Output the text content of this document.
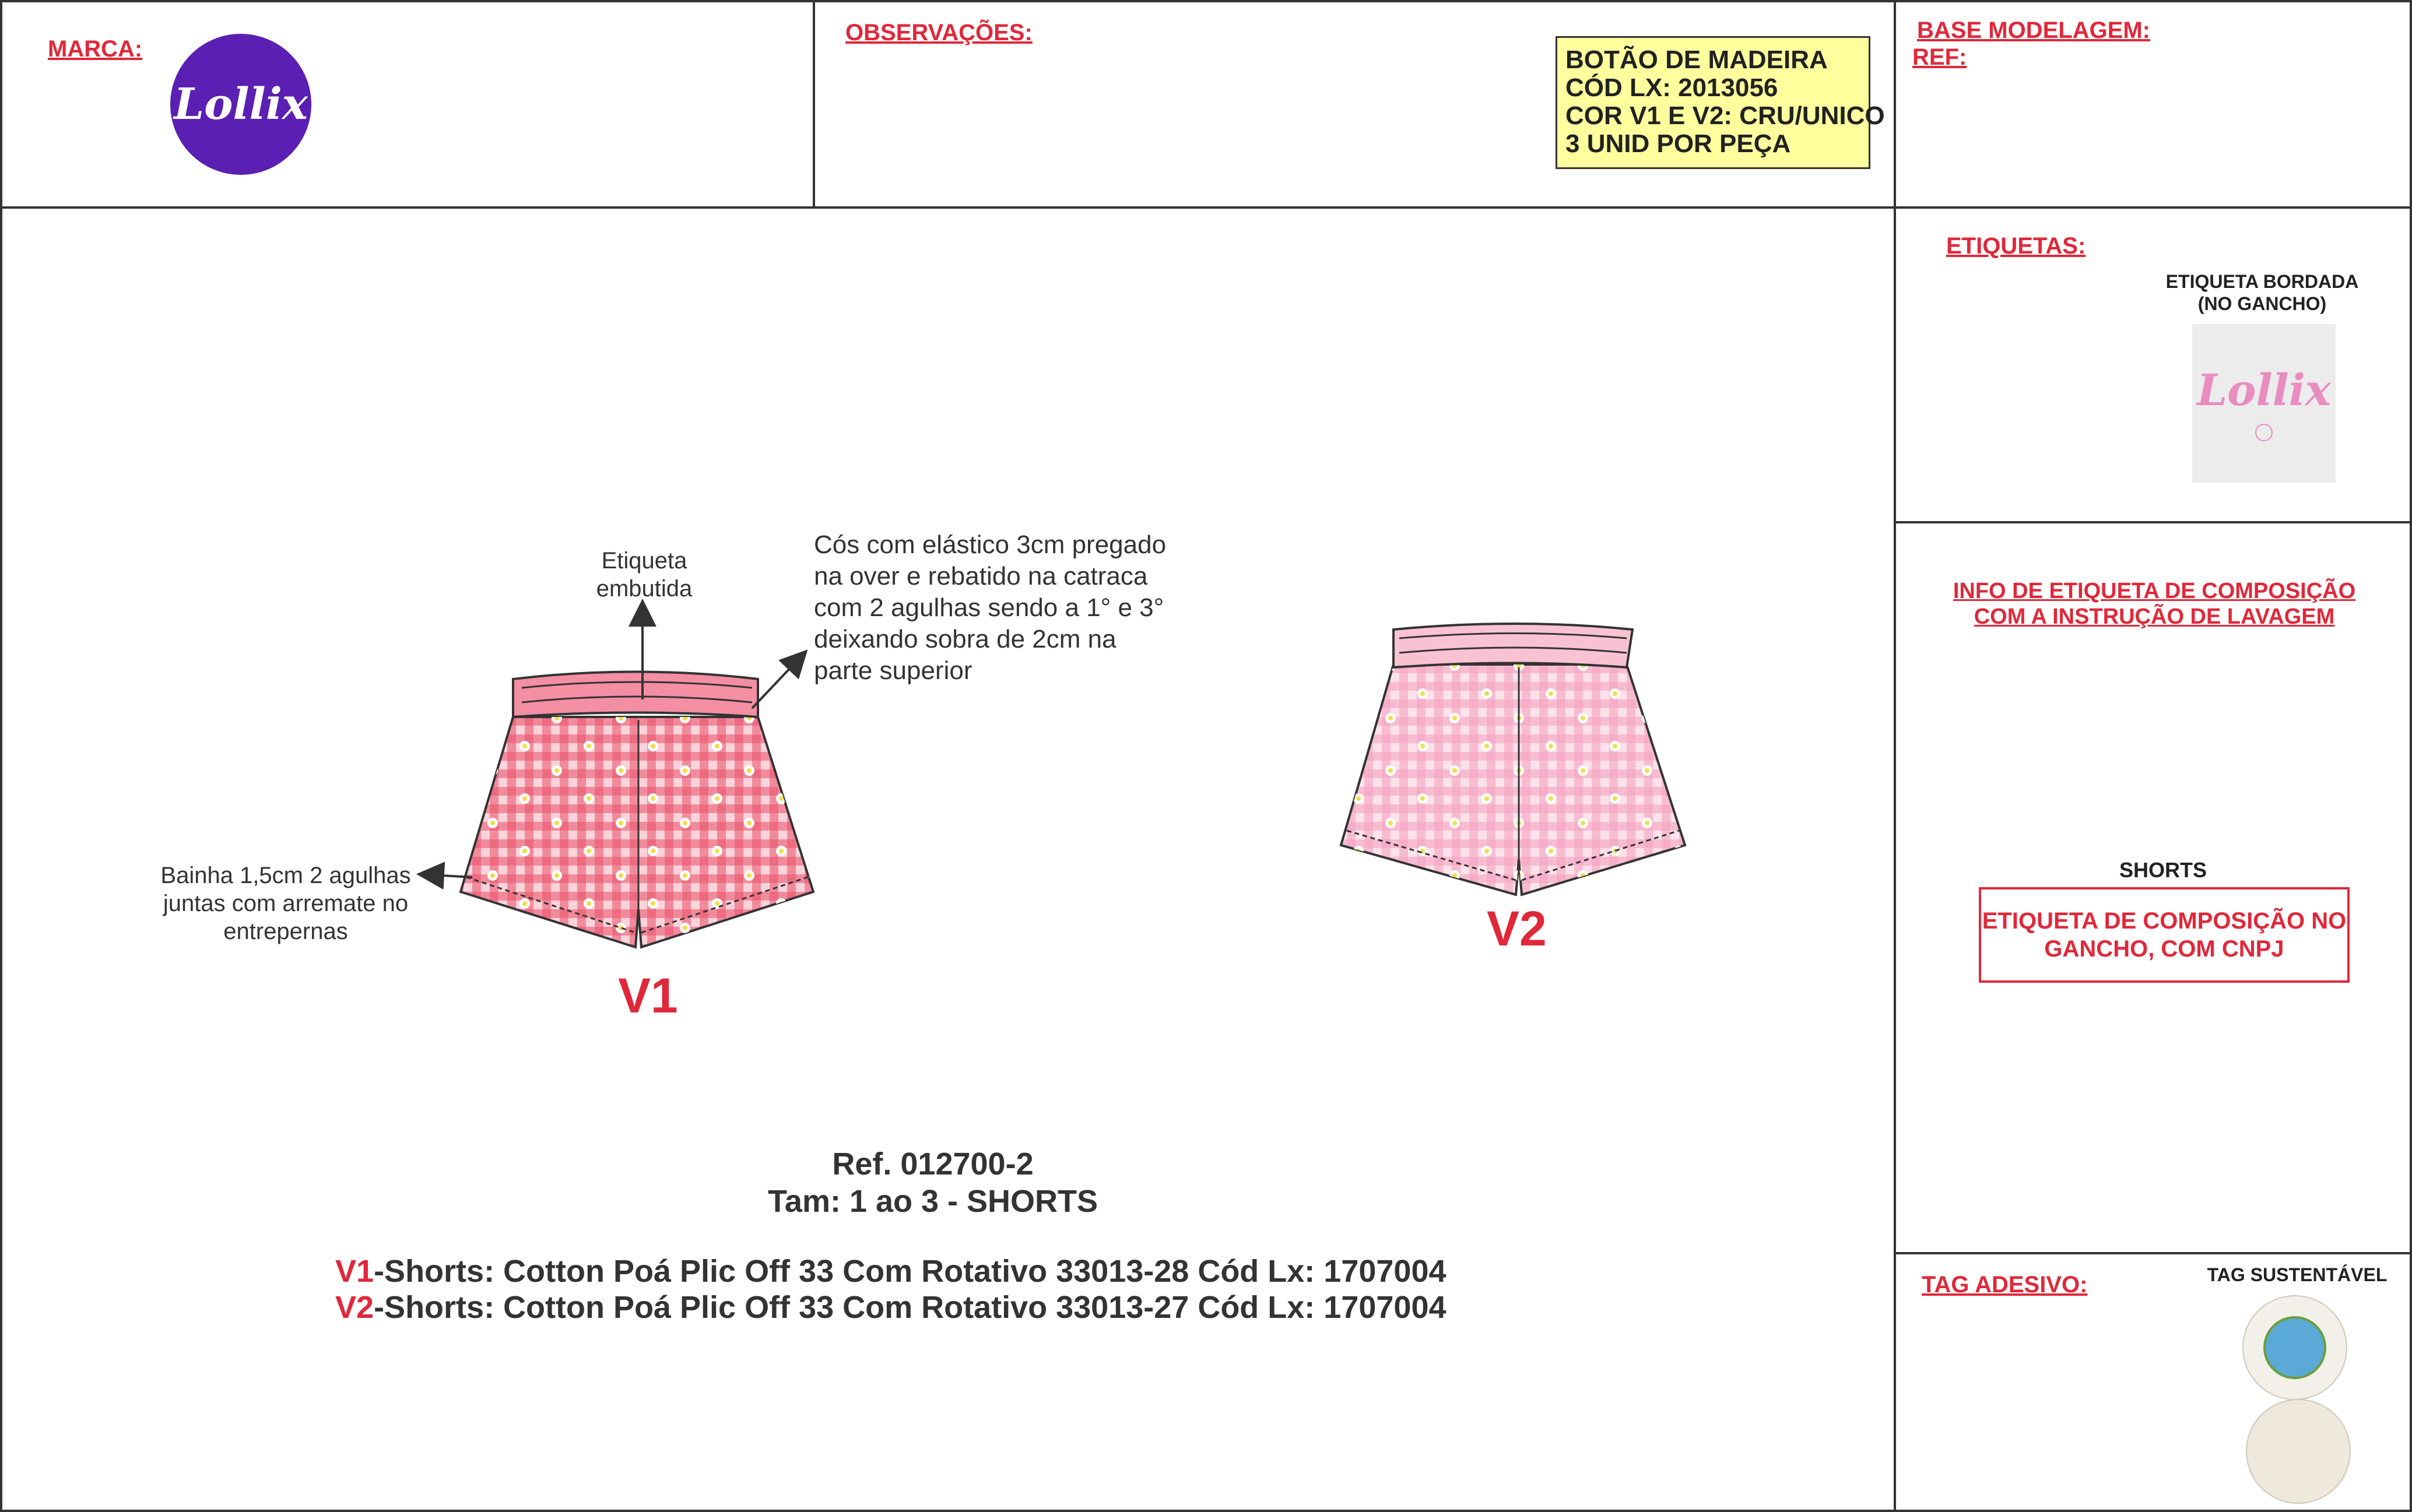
MARCA:
Lollix
OBSERVAÇÕES:
BOTÃO DE MADEIRA
CÓD LX: 2013056
COR V1 E V2: CRU/UNICO
3 UNID POR PEÇA
BASE MODELAGEM:
REF:
Etiqueta
embutida
Cós com elástico 3cm pregado
na over e rebatido na catraca
com 2 agulhas sendo a 1° e 3°
deixando sobra de 2cm na
parte superior
Bainha 1,5cm 2 agulhas
juntas com arremate no
entrepernas
V1
V2
Ref. 012700-2
Tam: 1 ao 3 - SHORTS
V1-Shorts: Cotton Poá Plic Off 33 Com Rotativo 33013-28 Cód Lx: 1707004
V2-Shorts: Cotton Poá Plic Off 33 Com Rotativo 33013-27 Cód Lx: 1707004
ETIQUETAS:
ETIQUETA BORDADA
(NO GANCHO)
Lollix
INFO DE ETIQUETA DE COMPOSIÇÃO
COM A INSTRUÇÃO DE LAVAGEM
SHORTS
ETIQUETA DE COMPOSIÇÃO NO
GANCHO, COM CNPJ
TAG ADESIVO:	TAG SUSTENTÁVEL
